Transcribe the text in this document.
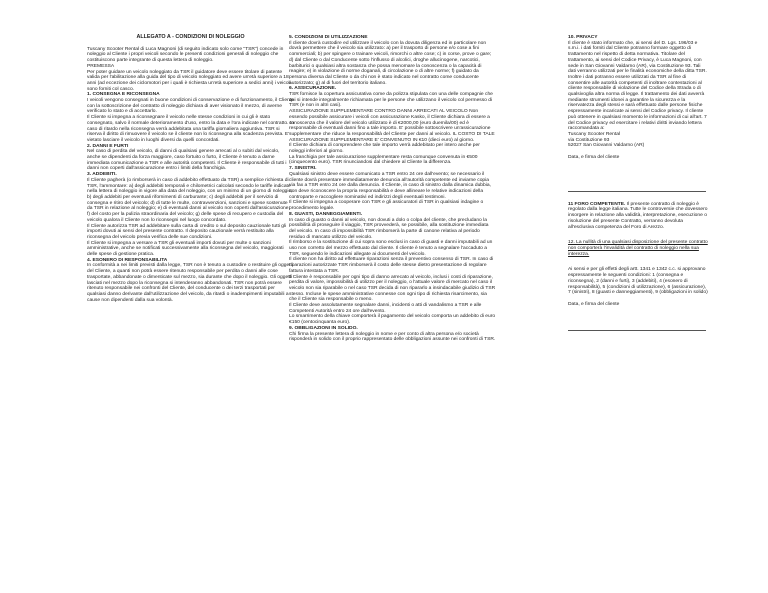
ALLEGATO A - CONDIZIONI DI NOLEGGIO

Tuscany Scooter Rental di Luca Magnoni (di seguito indicato solo come "TSR") concede in noleggio al Cliente i propri veicoli secondo le presenti condizioni generali di noleggio che costituiscono parte integrante di questa lettera di noleggio.

PREMESSA

Per poter guidare un veicolo noleggiato da TSR il guidatore deve essere titolare di patente valida per l'abilitazione alla guida del tipo di veicolo noleggiato ed avere un'età superiore a 18 anni (ad eccezione dei ciclomotori per i quali è richiesta un'età superiore a sedici anni) i veicoli sono forniti col casco.

1. CONSEGNA E RICONSEGNA

I veicoli vengono consegnati in buone condizioni di conservazione e di funzionamento, il Cliente con la sottoscrizione del contratto di noleggio dichiara di aver visionato il mezzo, di averne verificato lo stato e di accettarlo.

Il Cliente si impegna a riconsegnare il veicolo nelle stesse condizioni in cui gli è stato consegnato, salvo il normale deterioramento d'uso, entro la data e l'ora indicate nel contratto. In caso di ritardo nella riconsegna verrà addebitata una tariffa giornaliera aggiuntiva. TSR si riserva il diritto di rimuovere il veicolo se il cliente non lo riconsegna alla scadenza prevista. E' vietato lasciare il veicolo in luoghi diversi da quelli concordati.

2. DANNI E FURTI

Nel caso di perdita del veicolo, di danni di qualsiasi genere arrecati al o subiti dal veicolo, anche se dipendenti da forza maggiore, caso fortuito o furto, il Cliente è tenuto a darne immediata comunicazione a TSR e alle autorità competenti. Il Cliente è responsabile di tutti i danni non coperti dall'assicurazione entro i limiti della franchigia.

3. ADDEBITI.

Il Cliente pagherà (o rimborserà in caso di addebito effettuato da TSR) a semplice richiesta di TSR, l'ammontare: a) degli addebiti temporali e chilometrici calcolati secondo le tariffe indicate nella lettera di noleggio in vigore alla data del noleggio, con un minimo di un giorno di noleggio; b) degli addebiti per eventuali rifornimenti di carburante; c) degli addebiti per il servizio di consegna e ritiro del veicolo; d) di tutte le multe, contravvenzioni, sanzioni e spese sostenute da TSR in relazione al noleggio; e) di eventuali danni al veicolo non coperti dall'assicurazione; f) del costo per la pulizia straordinaria del veicolo; g) delle spese di recupero e custodia del veicolo qualora il Cliente non lo riconsegni nel luogo concordato.

Il Cliente autorizza TSR ad addebitare sulla carta di credito o sul deposito cauzionale tutti gli importi dovuti ai sensi del presente contratto. Il deposito cauzionale verrà restituito alla riconsegna del veicolo previa verifica delle sue condizioni.

Il Cliente si impegna a versare a TSR gli eventuali importi dovuti per multe o sanzioni amministrative, anche se notificati successivamente alla riconsegna del veicolo, maggiorati delle spese di gestione pratica.

4. ESONERO DI RESPONSABILITA

In conformità a nei limiti previsti dalla legge, TSR non è tenuto a custodire o restituire gli oggetti del Cliente, a quanti non potrà essere ritenuto responsabile per perdita o danni alle cose trasportate, abbandonate o dimenticate sul mezzo, sia durante che dopo il noleggio. Gli oggetti lasciati nel mezzo dopo la riconsegna si intenderanno abbandonati. TSR non potrà essere ritenuto responsabile nei confronti del Cliente, del conducente o dei terzi trasportati per qualsiasi danno derivante dall'utilizzazione del veicolo, da ritardi o inadempimenti imputabili a cause non dipendenti dalla sua volontà.

5. CONDIZIONI DI UTILIZZAZIONE

Il cliente dovrà custodire ed utilizzare il veicolo con la dovuta diligenza ed in particolare non dovrà permettere che il veicolo sia utilizzato: a) per il trasporto di persone e/o cose a fini commerciali; b) per spingere o trainare veicoli, rimorchi o altre cose; c) in corse, prove o gare; d) dal Cliente o dal Conducente sotto l'influsso di alcolici, droghe allucinogene, narcotici, barbiturici o qualsiasi altra sostanza che possa menomare la conoscenza o la capacità di reagire; e) in violazione di norme doganali, di circolazione o di altre norme; f) guidato da persona diversa dal Cliente o da chi non è stato indicato nel contratto come conducente autorizzato; g) al di fuori del territorio italiano.

6. ASSICURAZIONE.

TSR fornisce la copertura assicurativa come da polizza stipulata con una delle compagnie che qui si intende integralmente richiamata per le persone che utilizzano il veicolo col permesso di TSR (e non in altri casi).

ASSICURAZIONE SUPPLEMENTARE CONTRO DANNI ARRECATI AL VEICOLO Non essendo possibile assicurare i veicoli con assicurazione Kasko, il Cliente dichiara di essere a conoscenza che il valore del veicolo utilizzato è di €2000,00 (euro duemila/00) ed è responsabile di eventuali danni fino a tale importo. E' possibile sottoscrivere un'assicurazione supplementare che riduce la responsabilità del Cliente per danni al veicolo. IL COSTO DI TALE ASSICURAZIONE SUPPLEMENTARE E' CONVENUTO IN €10 (dieci euro) al giorno.

Il Cliente dichiara di comprendere che tale importo verrà addebitato per intero anche per noleggi inferiori al giorno.

La franchigia per tale assicurazione supplementare resta comunque convenuta in €500 (cinquecento euro). TSR rinunciandosi dal chiedere al Cliente la differenza.

7. SINISTRI.

Qualsiasi sinistro deve essere comunicato a TSR entro 24 ore dall'evento; se necessario il cliente dovrà presentare immediatamente denuncia all'autorità competente ed inviarne copia via fax a TSR entro 24 ore dalla denuncia. Il Cliente, in caso di sinistro dalla dinamica dubbia, non deve riconoscere la propria responsabilità e deve allineare le relative indicazioni della controparte e raccogliere nominativi ed indirizzi degli eventuali testimoni.

Il Cliente si impegna a cooperare con TSR e gli assicuratori di TSR in qualsiasi indagine o procedimento legale.

8. GUASTI, DANNEGGIAMENTI.

In caso di guasto o danni al veicolo, non dovuti a dolo o colpa del cliente, che precludano la possibilità di proseguire il viaggio, TSR provvederà, se possibile, alla sostituzione immediata del veicolo. In caso di impossibilità TSR rimborserà la parte di canone relativa al periodo residuo di mancato utilizzo del veicolo.

Il rimborso e la sostituzione di cui sopra sono esclusi in caso di guasti e danni imputabili ad un uso non corretto del mezzo effettuato dal cliente. Il cliente è tenuto a segnalare l'accaduto a TSR, seguendo le indicazioni allegate ai documenti del veicolo.

Il cliente non ha diritto ad effettuare riparazioni senza il preventivo consenso di TSR. In caso di riparazioni autorizzate TSR rimborserà il costo delle stesse dietro presentazione di regolare fattura intestata a TSR.

Il Cliente è responsabile per ogni tipo di danno arrecato al veicolo, inclusi i costi di riparazione, perdita di valore, impossibilità di utilizzo per il noleggio, o l'attuale valore di mercato nel caso il veicolo non sia riparabile o nel caso TSR decida di non ripararlo a insindacabile giudizio di TSR stesso. Incluse le spese amministrative connesse con ogni tipo di richiesta risarcimento, sia che il Cliente sia responsabile o meno.

Il Cliente deve assolutamente segnalare danni, incidenti o atti di vandalismo a TSR e alle Competenti Autorità entro 24 ore dall'evento.

Lo smarrimento della chiave comporterà il pagamento del veicolo comporta un addebito di euro €150 (centocinquanta euro).

9. OBBLIGAZIONI IN SOLIDO.

Chi firma la presente lettera di noleggio in nome e per conto di altra persona e/o società risponderà in solido con il proprio rappresentato delle obbligazioni assunte nei confronti di TSR.

10. PRIVACY

Il cliente è stato informato che, ai sensi del D. Lgs. 196/03 e s.m.i. i dati forniti dal Cliente potranno formare oggetto di trattamento nel rispetto di detta normativa. Titolare del trattamento, ai sensi del Codice Privacy, è Luca Magnoni, con sede in San Giovanni Valdarno (AR), via Costituzione 93. Tali dati verranno utilizzati per le finalità economiche della ditta TSR. Inoltre i dati potranno essere utilizzati da TSR al fine di consentire alle autorità competenti di inoltrare contestazioni al cliente responsabile di violazione del Codice della Strada o di qualsivoglia altra norma di legge. Il trattamento dei dati avverrà mediante strumenti idonei a garantire la sicurezza e la riservatezza degli stessi e sarà effettuato dalle persone fisiche espressamente incaricate ai sensi del Codice privacy. Il cliente può ottenere in qualsiasi momento le informazioni di cui all'art. 7 del Codice privacy ed esercitare i relativi diritti inviando lettera raccomandata a:

Tuscany Scooter Rental

via Costituzione 93

52027 San Giovanni Valdarno (AR)

Data, e firma del cliente

11 FORO COMPETENTE. Il presente contratto di noleggio è regolato dalla legge italiana. Tutte le controversie che dovessero insorgere in relazione alla validità, interpretazione, esecuzione o risoluzione del presente Contratto, verranno devoluta all'esclusiva competenza del Foro di Arezzo.

12. La nullità di una qualsiasi disposizione del presente contratto non comporterà l'invalidità del contratto di noleggio nella sua interezza.

Ai sensi e per gli effetti degli artt. 1341 e 1342 c.c. si approvano espressamente le seguenti condizioni: 1 (consegna e riconsegna), 2 (danni e furti), 3 (addebiti), 4 (esonero di responsabilità), 5 (condizioni di utilizzazione), 6 (assicurazione), 7 (sinistri), 8 (guasti e danneggiamenti), 9 (obbligazioni in solido)

Data, e firma del cliente
